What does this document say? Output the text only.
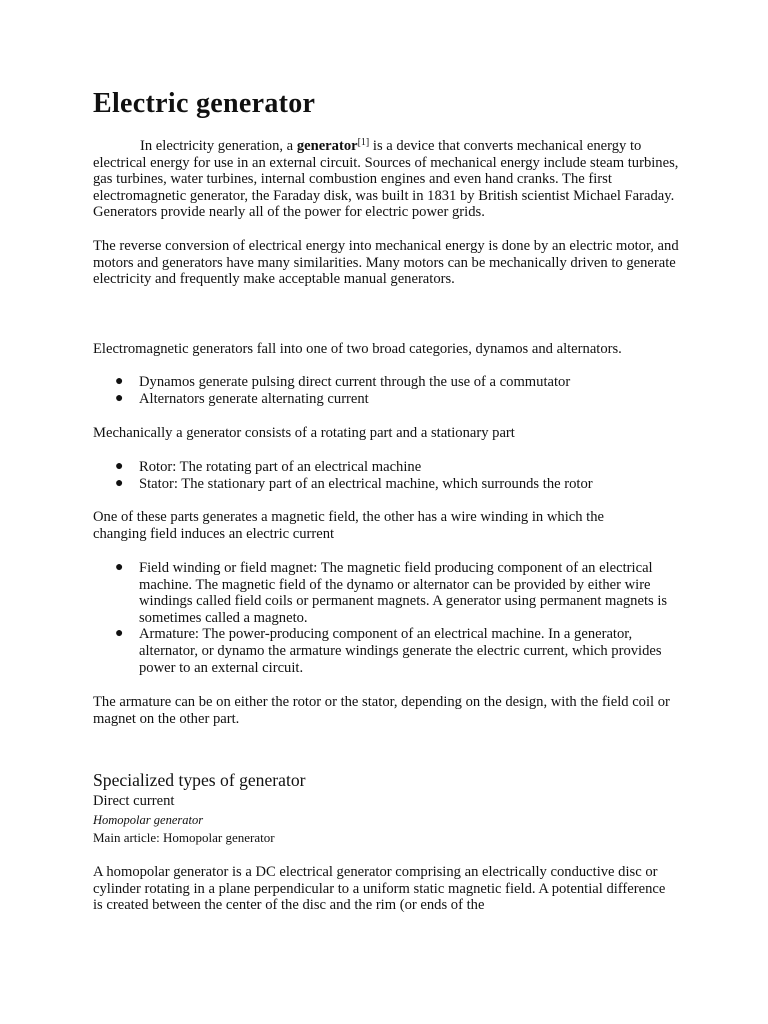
Electric generator

In electricity generation, a generator[1] is a device that converts mechanical energy to electrical energy for use in an external circuit. Sources of mechanical energy include steam turbines, gas turbines, water turbines, internal combustion engines and even hand cranks. The first electromagnetic generator, the Faraday disk, was built in 1831 by British scientist Michael Faraday. Generators provide nearly all of the power for electric power grids.

The reverse conversion of electrical energy into mechanical energy is done by an electric motor, and motors and generators have many similarities. Many motors can be mechanically driven to generate electricity and frequently make acceptable manual generators.

Electromagnetic generators fall into one of two broad categories, dynamos and alternators.

● Dynamos generate pulsing direct current through the use of a commutator
● Alternators generate alternating current

Mechanically a generator consists of a rotating part and a stationary part

● Rotor: The rotating part of an electrical machine
● Stator: The stationary part of an electrical machine, which surrounds the rotor

One of these parts generates a magnetic field, the other has a wire winding in which the changing field induces an electric current

● Field winding or field magnet: The magnetic field producing component of an electrical machine. The magnetic field of the dynamo or alternator can be provided by either wire windings called field coils or permanent magnets. A generator using permanent magnets is sometimes called a magneto.
● Armature: The power-producing component of an electrical machine. In a generator, alternator, or dynamo the armature windings generate the electric current, which provides power to an external circuit.

The armature can be on either the rotor or the stator, depending on the design, with the field coil or magnet on the other part.

Specialized types of generator
Direct current
Homopolar generator
Main article: Homopolar generator

A homopolar generator is a DC electrical generator comprising an electrically conductive disc or cylinder rotating in a plane perpendicular to a uniform static magnetic field. A potential difference is created between the center of the disc and the rim (or ends of the
